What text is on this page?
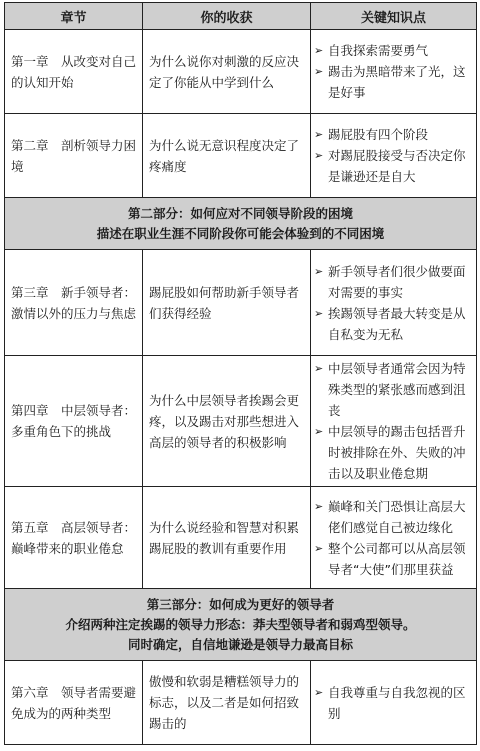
章节	你的收获	关键知识点
第一章　从改变对自己的认知开始	为什么说你对刺激的反应决定了你能从中学到什么	➢ 自我探索需要勇气
➢ 踢击为黑暗带来了光，这是好事

第二章　剖析领导力困境	为什么说无意识程度决定了疼痛度	➢ 踢屁股有四个阶段
➢ 对踢屁股接受与否决定你是谦逊还是自大

第二部分：如何应对不同领导阶段的困境
描述在职业生涯不同阶段你可能会体验到的不同困境		

第三章　新手领导者：激情以外的压力与焦虑	踢屁股如何帮助新手领导者们获得经验	➢ 新手领导者们很少做要面对需要的事实
➢ 挨踢领导者最大转变是从自私变为无私

第四章　中层领导者：多重角色下的挑战	为什么中层领导者挨踢会更疼，以及踢击对那些想进入高层的领导者的积极影响	➢ 中层领导者通常会因为特殊类型的紧张感而感到沮丧
➢ 中层领导的踢击包括晋升时被排除在外、失败的冲击以及职业倦怠期

第五章　高层领导者：巅峰带来的职业倦怠	为什么说经验和智慧对积累踢屁股的教训有重要作用	➢ 巅峰和关门恐惧让高层大佬们感觉自己被边缘化
➢ 整个公司都可以从高层领导者“大使”们那里获益

第三部分：如何成为更好的领导者
介绍两种注定挨踢的领导力形态：莽夫型领导者和弱鸡型领导。
同时确定，自信地谦逊是领导力最高目标		

第六章　领导者需要避免成为的两种类型	傲慢和软弱是糟糕领导力的标志，以及二者是如何招致踢击的	➢ 自我尊重与自我忽视的区别
